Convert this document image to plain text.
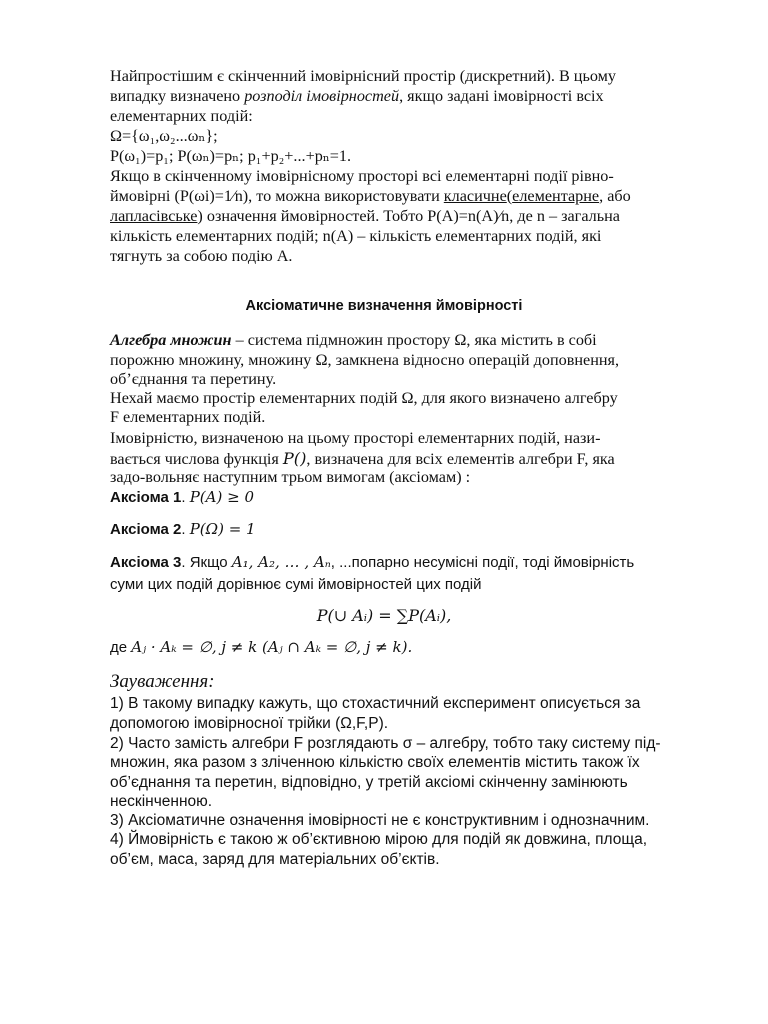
Найпростішим є скінченний імовірнісний простір (дискретний). В цьому
випадку визначено розподіл імовірностей, якщо задані імовірності всіх
елементарних подій:
Ω={ω₁,ω₂...ωₙ};
P(ω₁)=p₁; P(ωₙ)=pₙ; p₁+p₂+...+pₙ=1.
Якщо в скінченному імовірнісному просторі всі елементарні події рівно-
ймовірні (P(ωі)=1⁄n), то можна використовувати класичне(елементарне, або
лапласівське) означення ймовірностей. Тобто P(A)=n(A)⁄n, де n – загальна
кількість елементарних подій; n(A) – кількість елементарних подій, які
тягнуть за собою подію А.
Аксіоматичне визначення ймовірності
Алгебра множин – система підмножин простору Ω, яка містить в собі
порожню множину, множину Ω, замкнена відносно операцій доповнення,
об’єднання та перетину.
Нехай маємо простір елементарних подій Ω, для якого визначено алгебру
F елементарних подій.
Імовірністю, визначеною на цьому просторі елементарних подій, нази-
вається числова функція P(), визначена для всіх елементів алгебри F, яка
задо-вольняє наступним трьом вимогам (аксіомам) :
Аксіома 1. P(A) ≥ 0
Аксіома 2. P(Ω) = 1
Аксіома 3. Якщо A₁, A₂, … , Aₙ, ...попарно несумісні події, тоді ймовірність
суми цих подій дорівнює сумі ймовірностей цих подій
P(∪ Aᵢ) = ∑P(Aᵢ),
де Aⱼ · Aₖ = ∅, j ≠ k (Aⱼ ∩ Aₖ = ∅, j ≠ k).
Зауваження:
1) В такому випадку кажуть, що стохастичний експеримент описується за
допомогою імовірносної трійки (Ω,F,P).
2) Часто замість алгебри F розглядають σ – алгебру, тобто таку систему під-
множин, яка разом з зліченною кількістю своїх елементів містить також їх
об’єднання та перетин, відповідно, у третій аксіомі скінченну замінюють
нескінченною.
3) Аксіоматичне означення імовірності не є конструктивним і однозначним.
4) Ймовірність є такою ж об’єктивною мірою для подій як довжина, площа,
об’єм, маса, заряд для матеріальних об’єктів.
